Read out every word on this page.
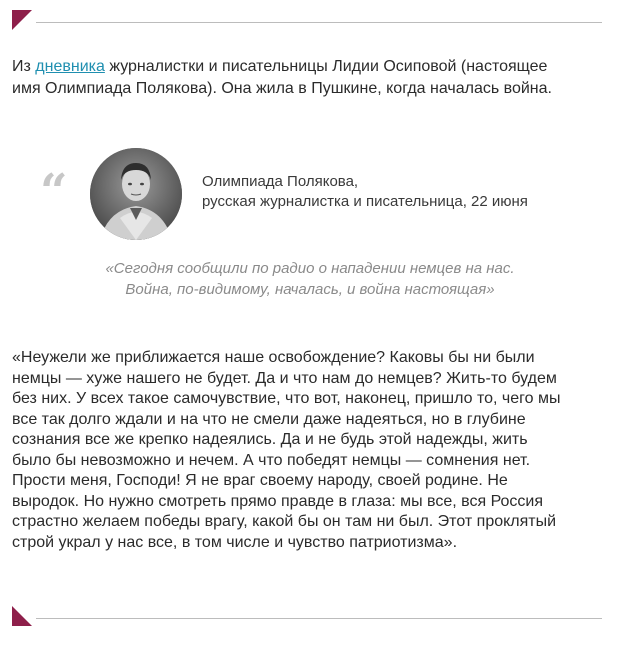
Из дневника журналистки и писательницы Лидии Осиповой (настоящее
имя Олимпиада Полякова). Она жила в Пушкине, когда началась война.
“	Олимпиада Полякова,
русская журналистка и писательница, 22 июня
«Сегодня сообщили по радио о нападении немцев на нас.
Война, по-видимому, началась, и война настоящая»
«Неужели же приближается наше освобождение? Каковы бы ни были
немцы — хуже нашего не будет. Да и что нам до немцев? Жить-то будем
без них. У всех такое самочувствие, что вот, наконец, пришло то, чего мы
все так долго ждали и на что не смели даже надеяться, но в глубине
сознания все же крепко надеялись. Да и не будь этой надежды, жить
было бы невозможно и нечем. А что победят немцы — сомнения нет.
Прости меня, Господи! Я не враг своему народу, своей родине. Не
выродок. Но нужно смотреть прямо правде в глаза: мы все, вся Россия
страстно желаем победы врагу, какой бы он там ни был. Этот проклятый
строй украл у нас все, в том числе и чувство патриотизма».
